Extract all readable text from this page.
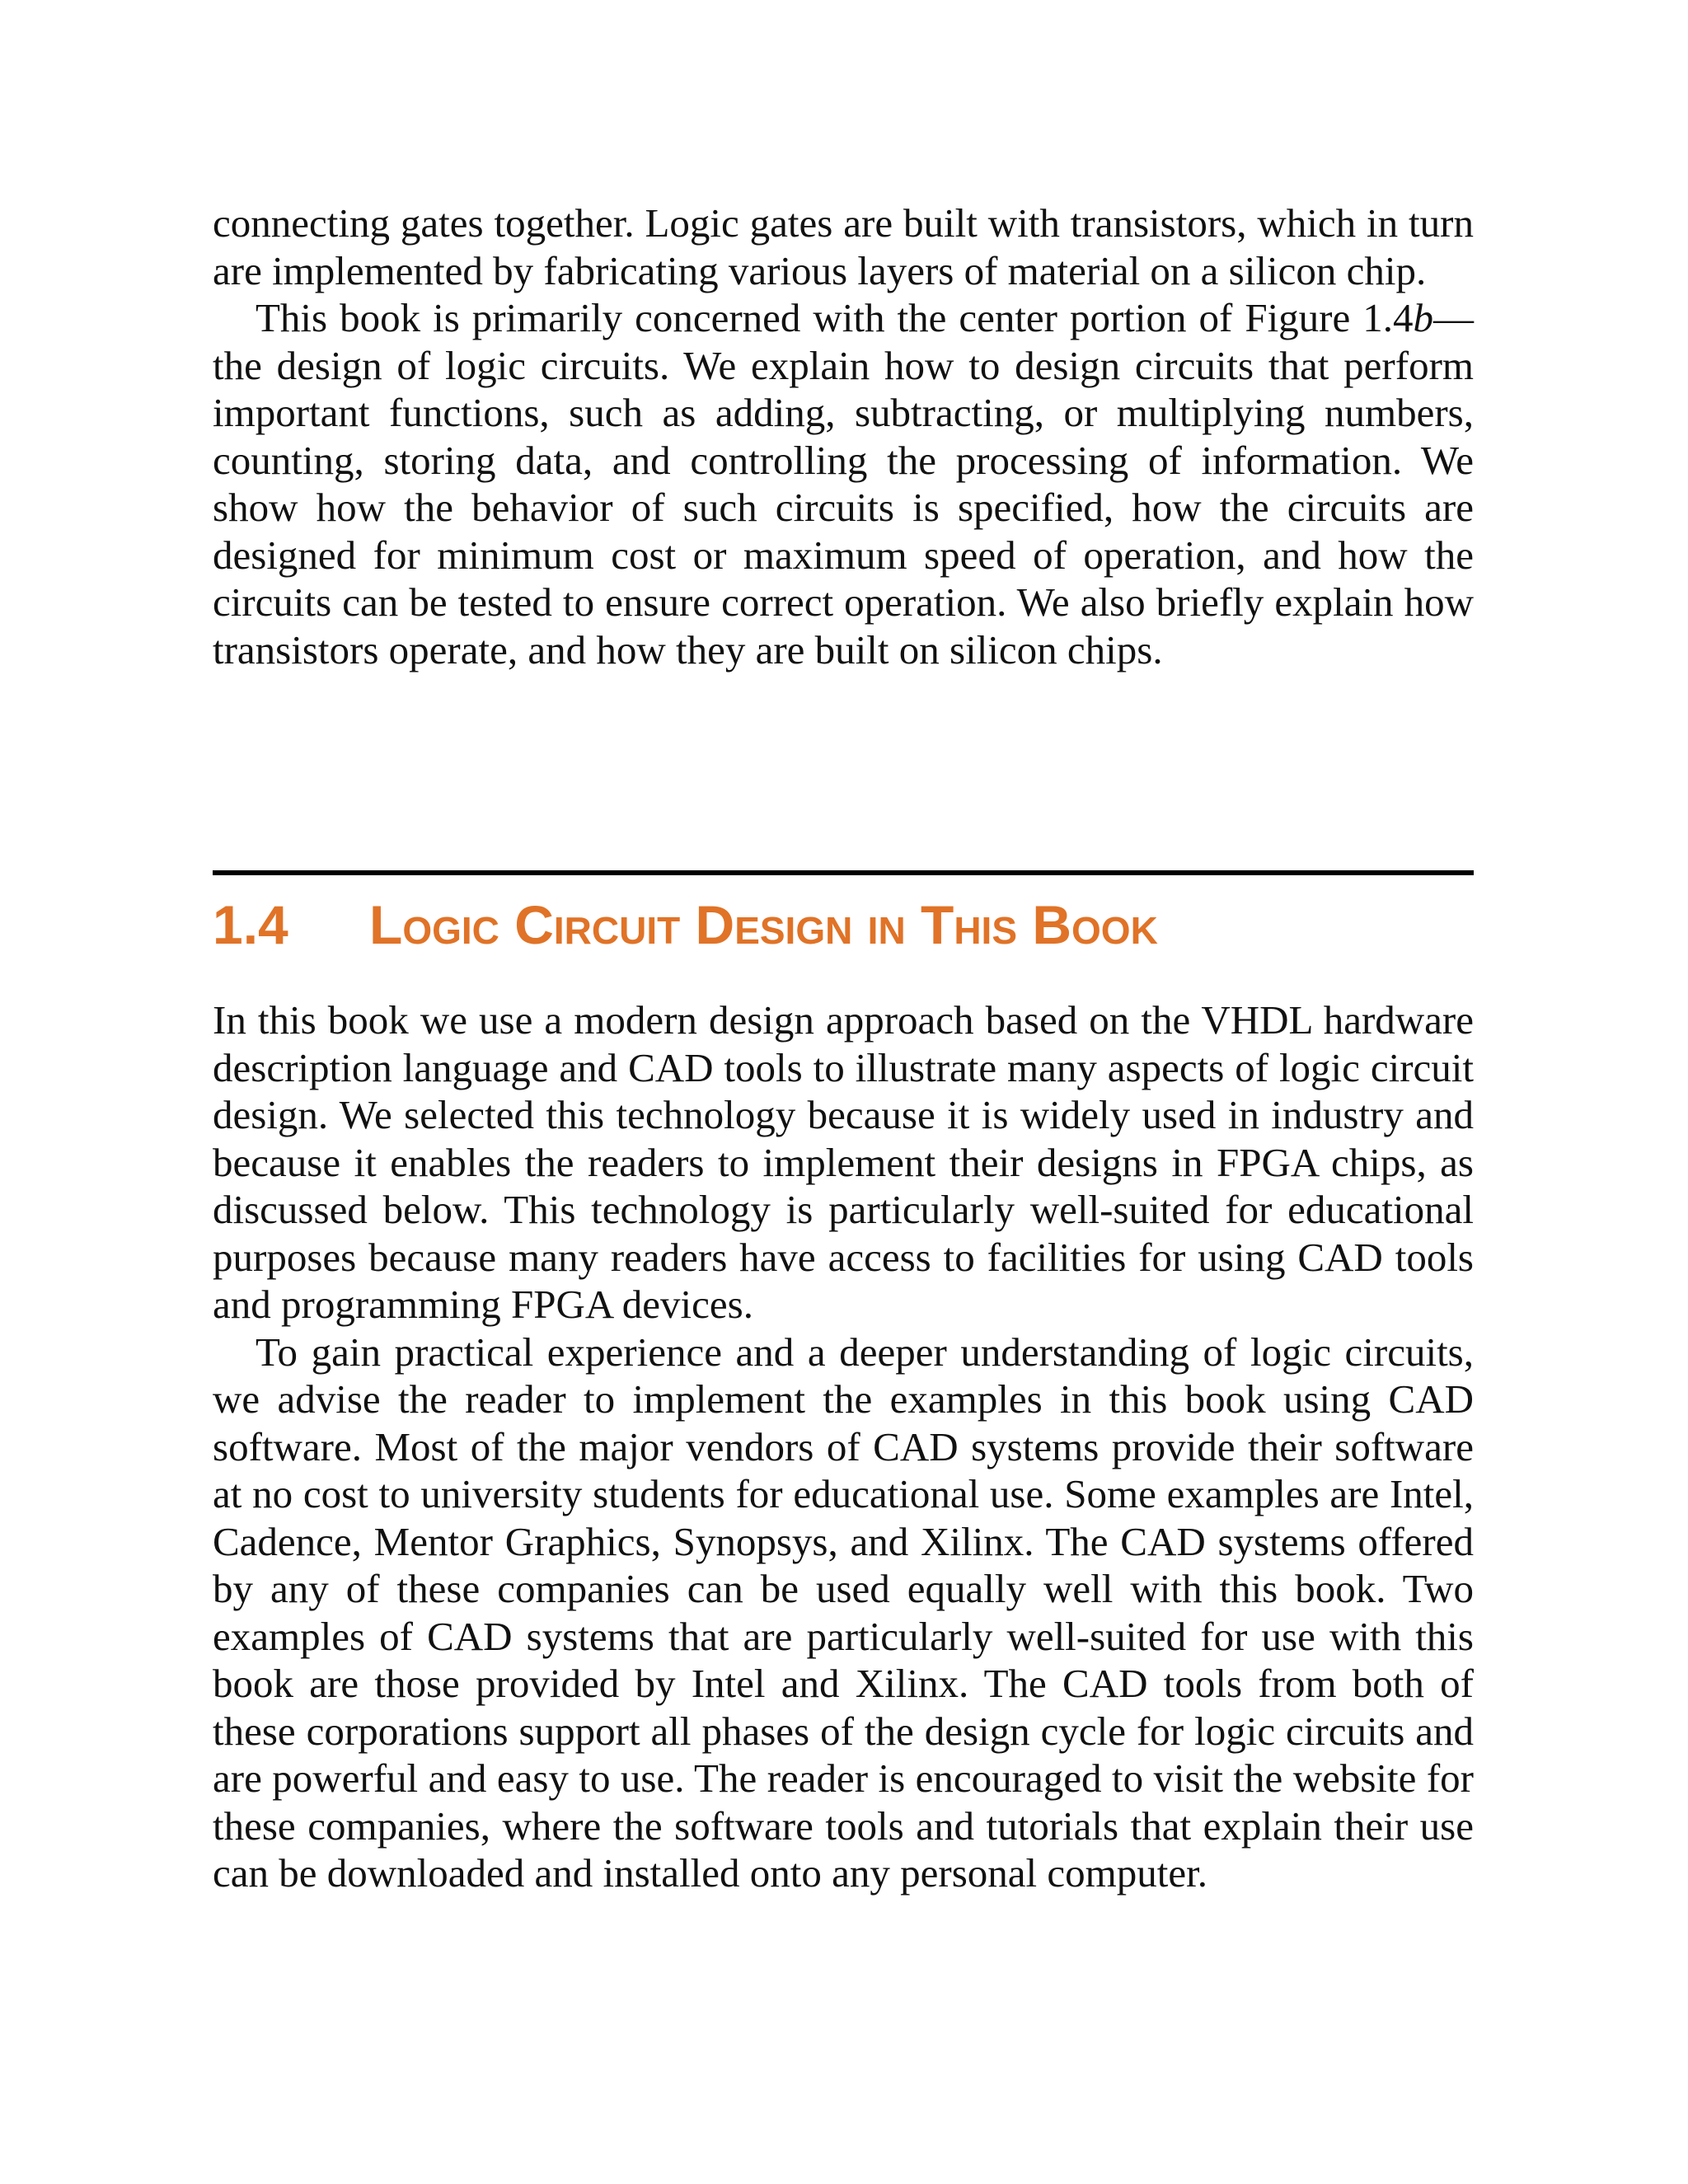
connecting gates together. Logic gates are built with transistors, which in turn are implemented by fabricating various layers of material on a silicon chip.

This book is primarily concerned with the center portion of Figure 1.4b—the design of logic circuits. We explain how to design circuits that perform important functions, such as adding, subtracting, or multiplying numbers, counting, storing data, and controlling the processing of information. We show how the behavior of such circuits is specified, how the circuits are designed for minimum cost or maximum speed of operation, and how the circuits can be tested to ensure correct operation. We also briefly explain how transistors operate, and how they are built on silicon chips.

1.4 Logic Circuit Design in This Book

In this book we use a modern design approach based on the VHDL hardware description language and CAD tools to illustrate many aspects of logic circuit design. We selected this technology because it is widely used in industry and because it enables the readers to implement their designs in FPGA chips, as discussed below. This technology is particularly well-suited for educational purposes because many readers have access to facilities for using CAD tools and programming FPGA devices.

To gain practical experience and a deeper understanding of logic circuits, we advise the reader to implement the examples in this book using CAD software. Most of the major vendors of CAD systems provide their software at no cost to university students for educational use. Some examples are Intel, Cadence, Mentor Graphics, Synopsys, and Xilinx. The CAD systems offered by any of these companies can be used equally well with this book. Two examples of CAD systems that are particularly well-suited for use with this book are those provided by Intel and Xilinx. The CAD tools from both of these corporations support all phases of the design cycle for logic circuits and are powerful and easy to use. The reader is encouraged to visit the website for these companies, where the software tools and tutorials that explain their use can be downloaded and installed onto any personal computer.
